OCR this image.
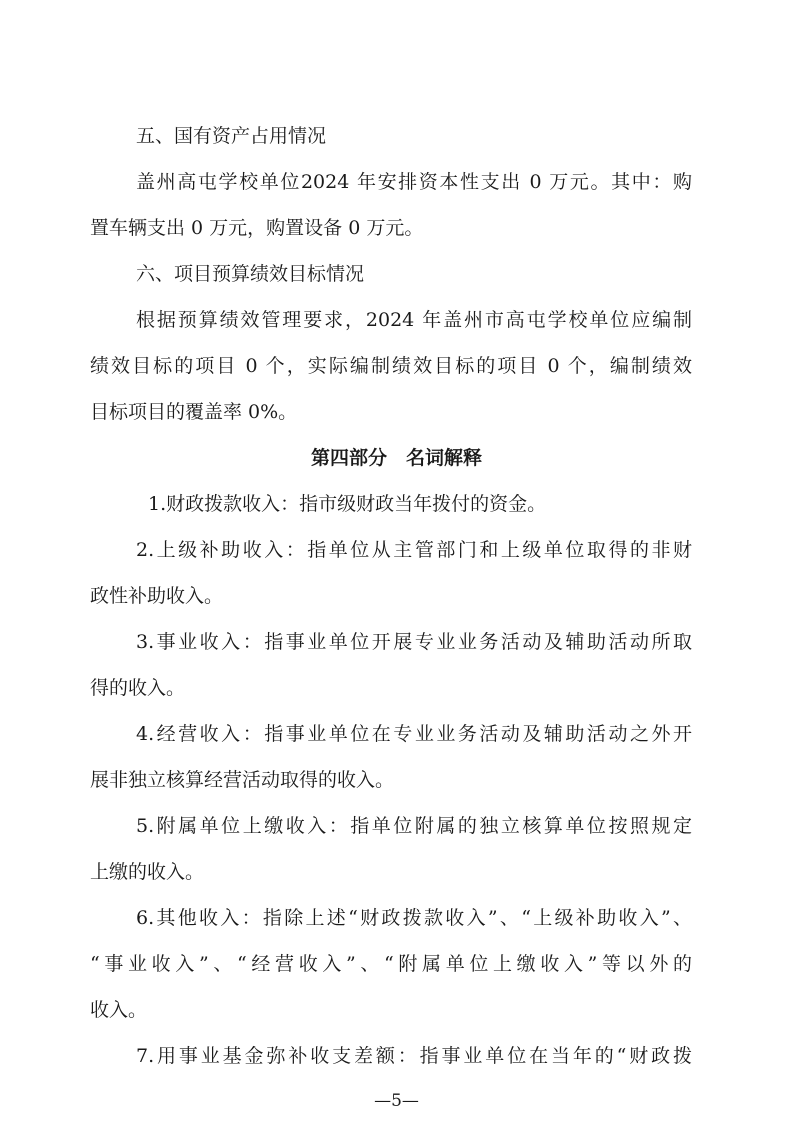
五、国有资产占用情况
盖州高屯学校单位2024 年安排资本性支出 0 万元。其中：购
置车辆支出 0 万元，购置设备 0 万元。
六、项目预算绩效目标情况
根据预算绩效管理要求，2024 年盖州市高屯学校单位应编制
绩效目标的项目 0 个，实际编制绩效目标的项目 0 个，编制绩效
目标项目的覆盖率 0%。
第四部分　名词解释
1.财政拨款收入：指市级财政当年拨付的资金。
2.上级补助收入：指单位从主管部门和上级单位取得的非财
政性补助收入。
3.事业收入：指事业单位开展专业业务活动及辅助活动所取
得的收入。
4.经营收入：指事业单位在专业业务活动及辅助活动之外开
展非独立核算经营活动取得的收入。
5.附属单位上缴收入：指单位附属的独立核算单位按照规定
上缴的收入。
6.其他收入：指除上述“财政拨款收入”、“上级补助收入”、
“事业收入”、“经营收入”、“附属单位上缴收入”等以外的
收入。
7.用事业基金弥补收支差额：指事业单位在当年的“财政拨
—5—
